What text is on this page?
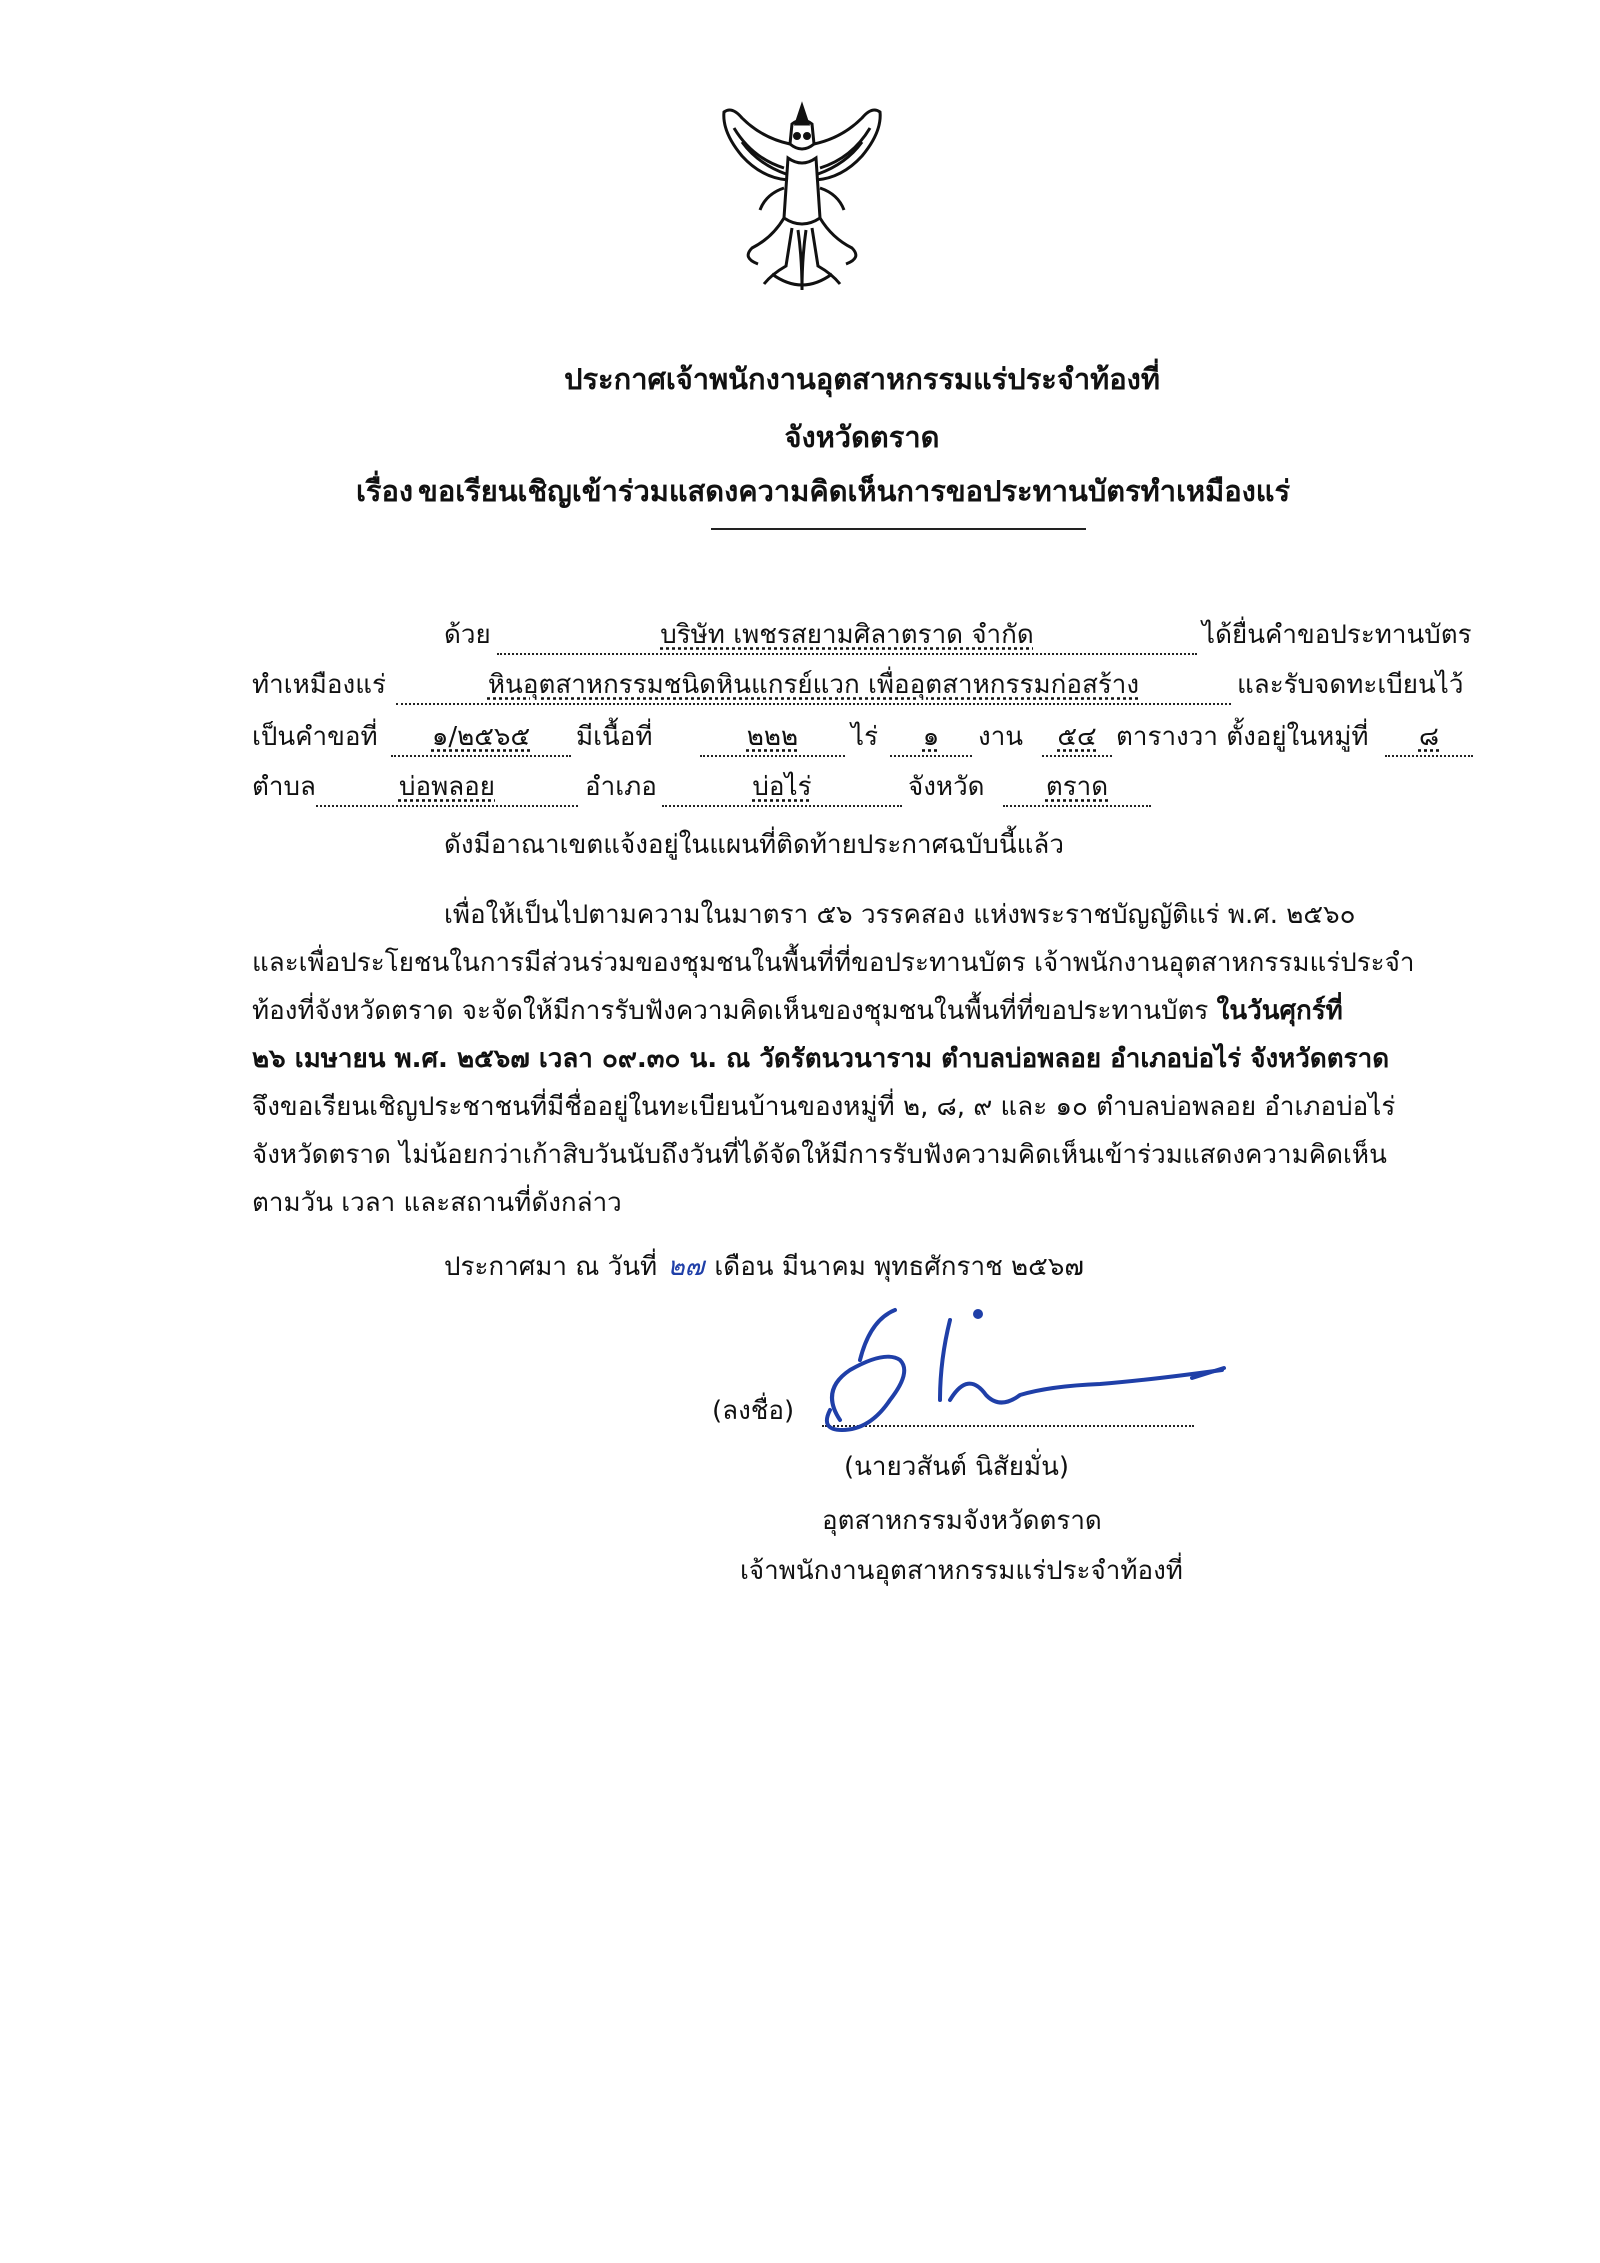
ประกาศเจ้าพนักงานอุตสาหกรรมแร่ประจำท้องที่
จังหวัดตราด
เรื่อง ขอเรียนเชิญเข้าร่วมแสดงความคิดเห็นการขอประทานบัตรทำเหมืองแร่
ด้วย	บริษัท เพชรสยามศิลาตราด จำกัด	ได้ยื่นคำขอประทานบัตร
ทำเหมืองแร่	หินอุตสาหกรรมชนิดหินแกรย์แวก เพื่ออุตสาหกรรมก่อสร้าง	และรับจดทะเบียนไว้
เป็นคำขอที่	๑/๒๕๖๕	มีเนื้อที่	๒๒๒	ไร่	๑	งาน	๕๔ ตารางวา ตั้งอยู่ในหมู่ที่	๘
ตำบล	บ่อพลอย	อำเภอ	บ่อไร่	จังหวัด	ตราด
ดังมีอาณาเขตแจ้งอยู่ในแผนที่ติดท้ายประกาศฉบับนี้แล้ว
เพื่อให้เป็นไปตามความในมาตรา ๕๖ วรรคสอง แห่งพระราชบัญญัติแร่ พ.ศ. ๒๕๖๐
และเพื่อประโยชนในการมีส่วนร่วมของชุมชนในพื้นที่ที่ขอประทานบัตร เจ้าพนักงานอุตสาหกรรมแร่ประจำ
ท้องที่จังหวัดตราด จะจัดให้มีการรับฟังความคิดเห็นของชุมชนในพื้นที่ที่ขอประทานบัตร ในวันศุกร์ที่
๒๖ เมษายน พ.ศ. ๒๕๖๗ เวลา ๐๙.๓๐ น. ณ วัดรัตนวนาราม ตำบลบ่อพลอย อำเภอบ่อไร่ จังหวัดตราด
จึงขอเรียนเชิญประชาชนที่มีชื่ออยู่ในทะเบียนบ้านของหมู่ที่ ๒, ๘, ๙ และ ๑๐ ตำบลบ่อพลอย อำเภอบ่อไร่
จังหวัดตราด ไม่น้อยกว่าเก้าสิบวันนับถึงวันที่ได้จัดให้มีการรับฟังความคิดเห็นเข้าร่วมแสดงความคิดเห็น
ตามวัน เวลา และสถานที่ดังกล่าว
ประกาศมา ณ วันที่ ๒๗ เดือน มีนาคม พุทธศักราช ๒๕๖๗
(ลงชื่อ)
(นายวสันต์ นิสัยมั่น)
อุตสาหกรรมจังหวัดตราด
เจ้าพนักงานอุตสาหกรรมแร่ประจำท้องที่
